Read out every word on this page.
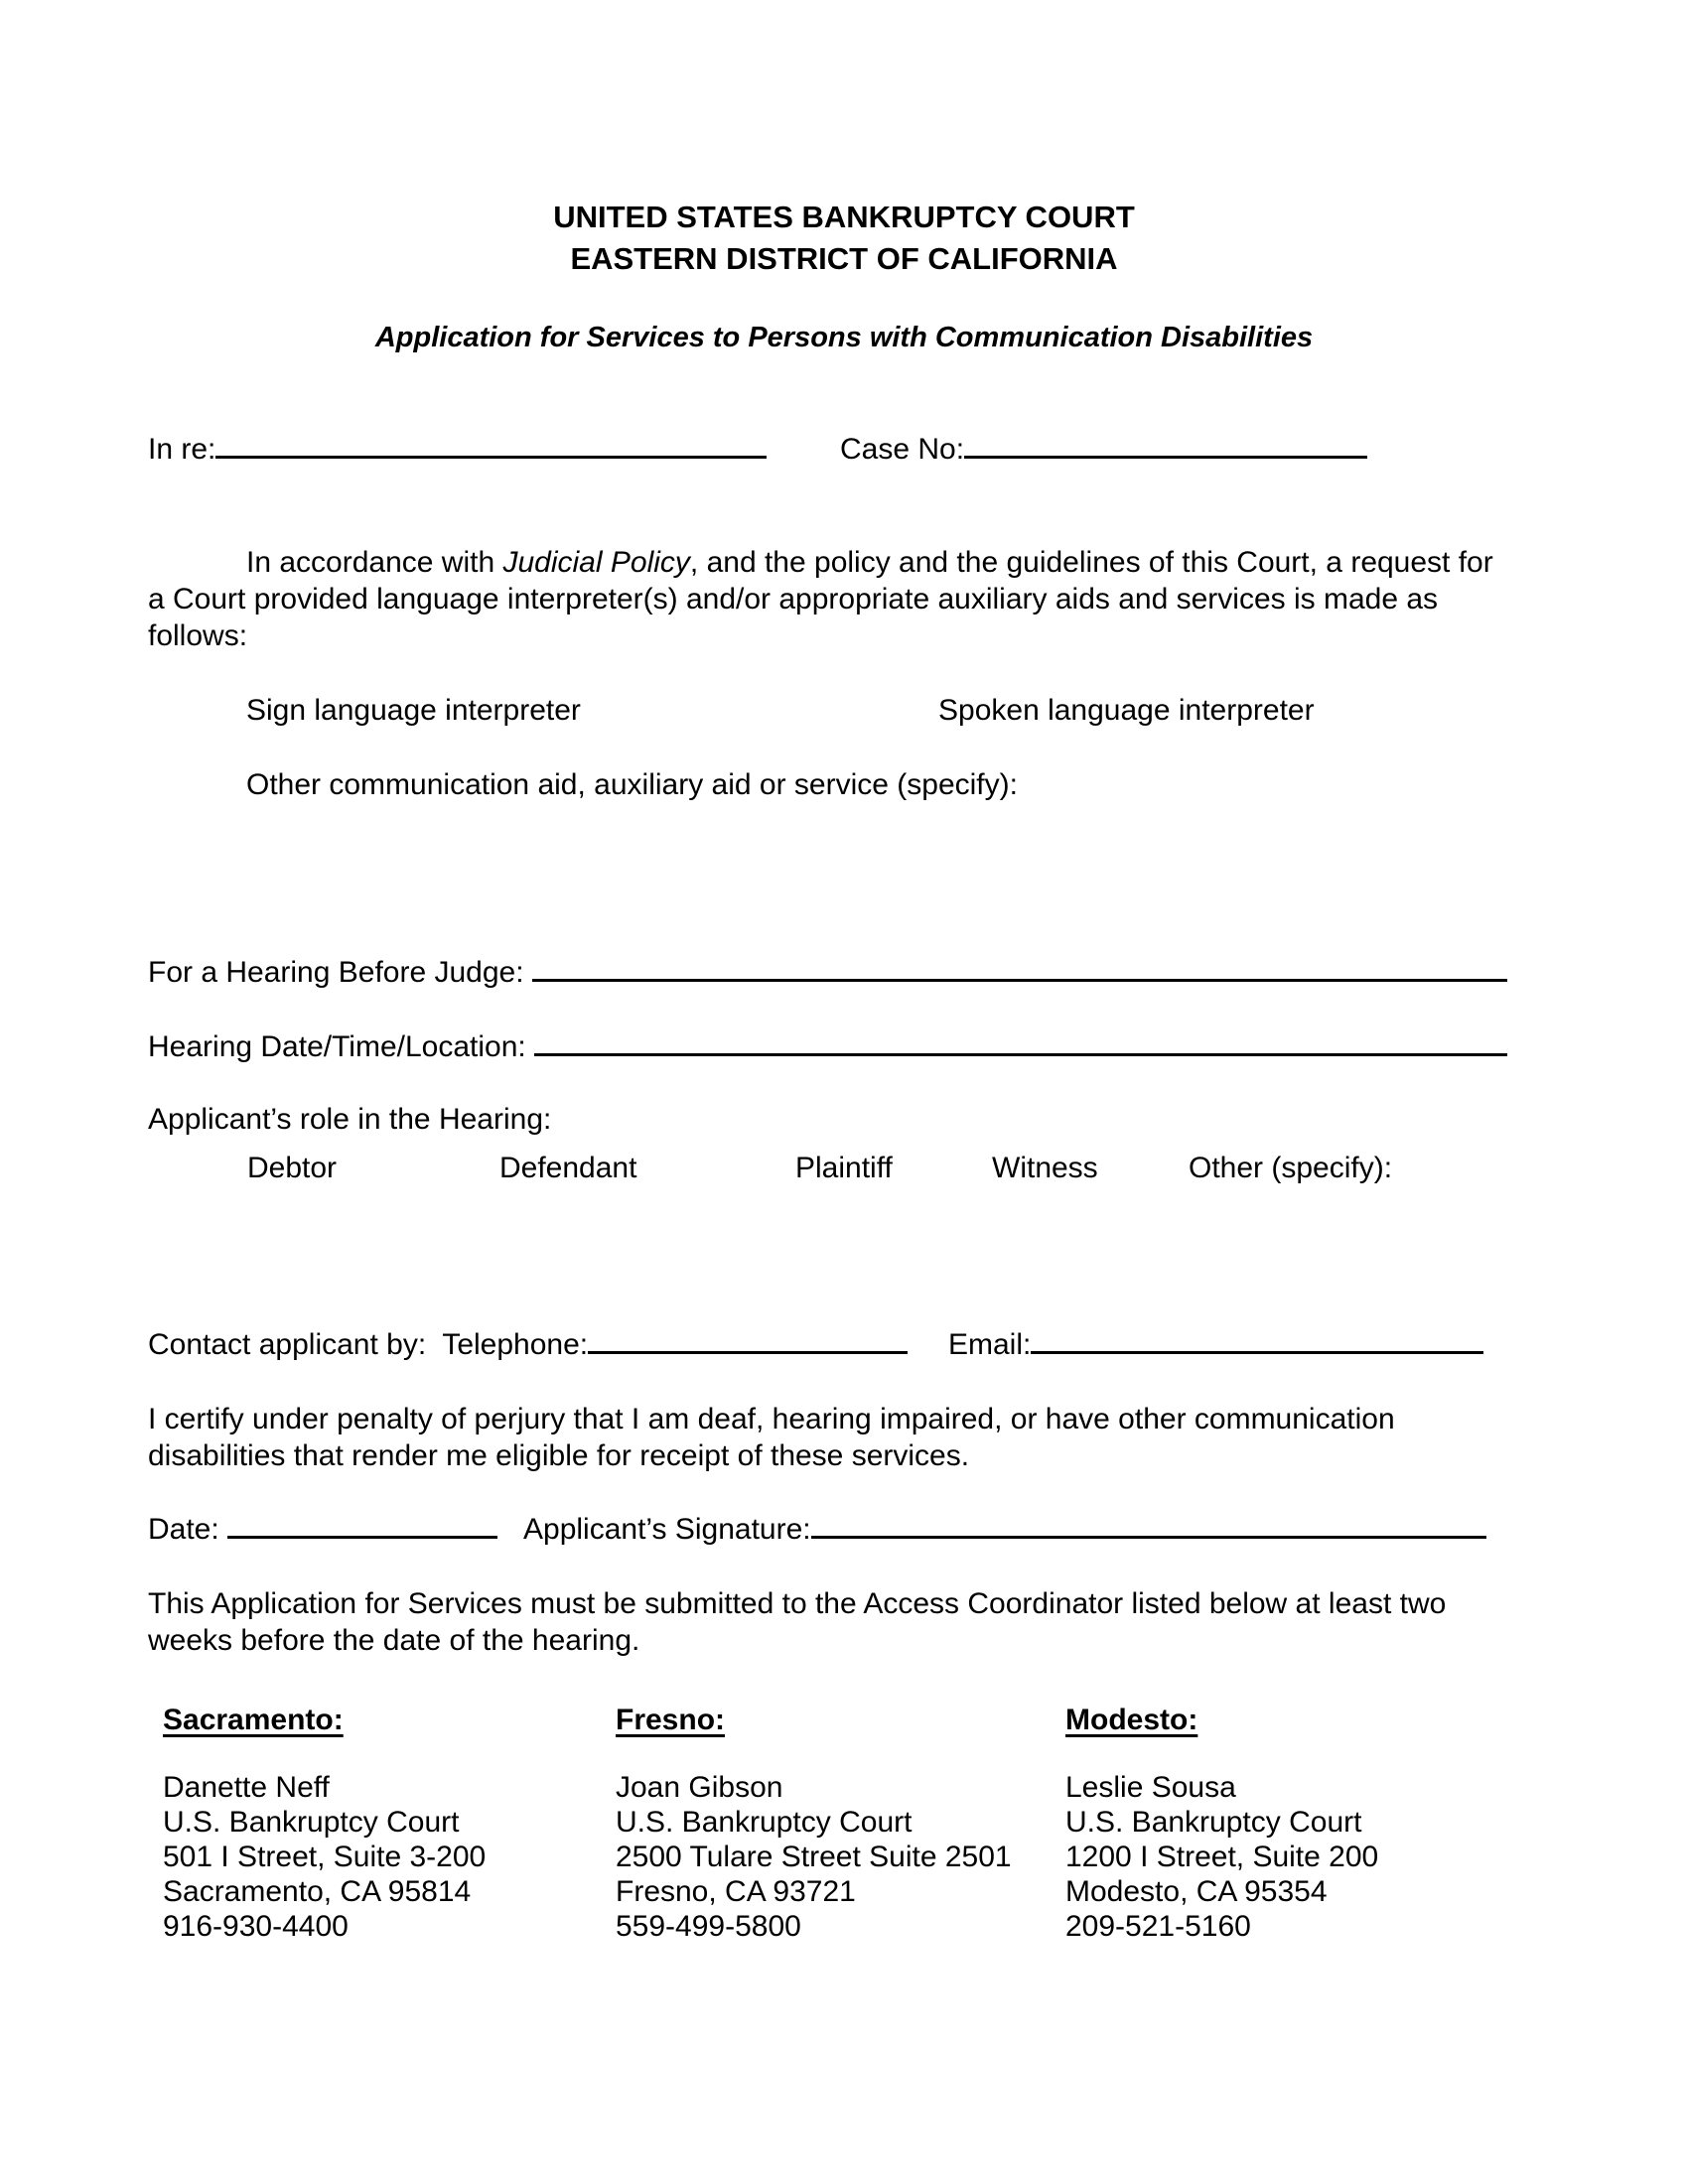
UNITED STATES BANKRUPTCY COURT
EASTERN DISTRICT OF CALIFORNIA
Application for Services to Persons with Communication Disabilities
In re:	Case No:
In accordance with Judicial Policy, and the policy and the guidelines of this Court, a request for
a Court provided language interpreter(s) and/or appropriate auxiliary aids and services is made as
follows:
Sign language interpreter	Spoken language interpreter
Other communication aid, auxiliary aid or service (specify):
For a Hearing Before Judge:
Hearing Date/Time/Location:
Applicant’s role in the Hearing:
Debtor	Defendant	Plaintiff	Witness	Other (specify):
Contact applicant by: Telephone:	Email:
I certify under penalty of perjury that I am deaf, hearing impaired, or have other communication
disabilities that render me eligible for receipt of these services.
Date:	Applicant’s Signature:
This Application for Services must be submitted to the Access Coordinator listed below at least two
weeks before the date of the hearing.
Sacramento:
Danette Neff
U.S. Bankruptcy Court
501 I Street, Suite 3-200
Sacramento, CA 95814
916-930-4400
Fresno:
Joan Gibson
U.S. Bankruptcy Court
2500 Tulare Street Suite 2501
Fresno, CA 93721
559-499-5800
Modesto:
Leslie Sousa
U.S. Bankruptcy Court
1200 I Street, Suite 200
Modesto, CA 95354
209-521-5160
